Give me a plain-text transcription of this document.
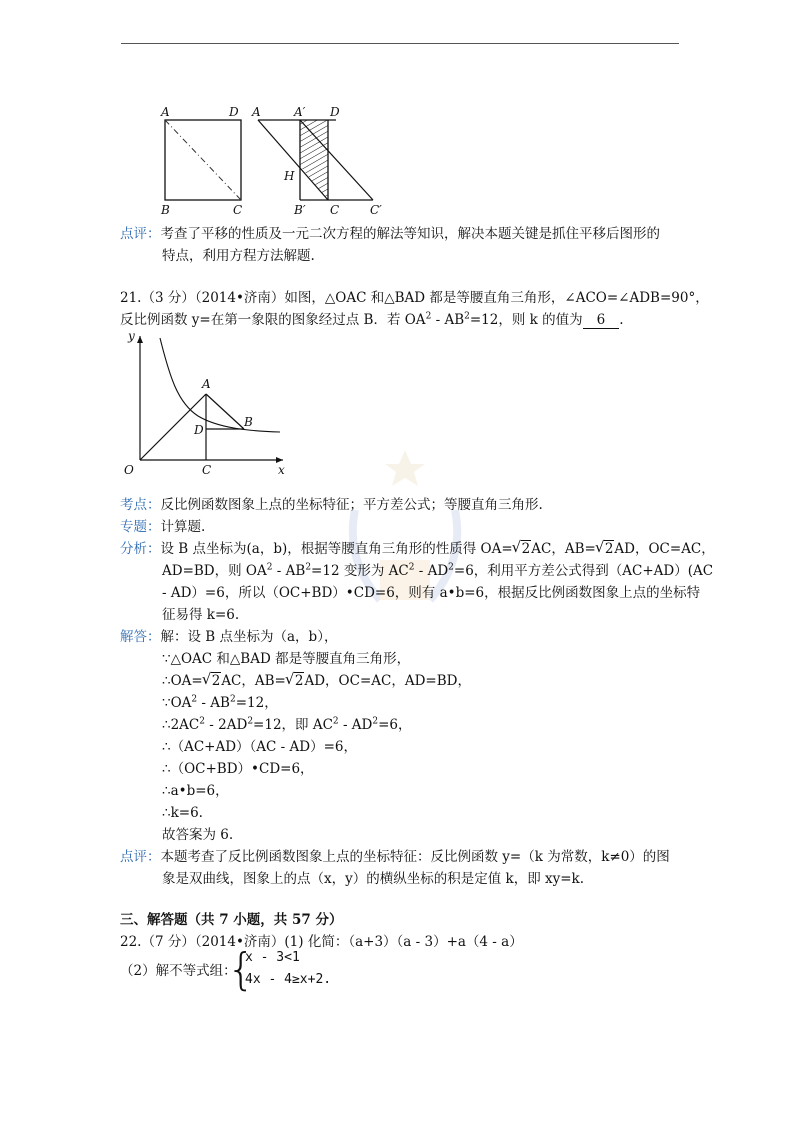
A	D
B	C
A	A′ D
H
B′ C	C′
点评：考查了平移的性质及一元二次方程的解法等知识，解决本题关键是抓住平移后图形的
特点，利用方程方法解题.
21.（3 分）（2014•济南）如图，△OAC 和△BAD 都是等腰直角三角形，∠ACO=∠ADB=90°，
反比例函数 y=在第一象限的图象经过点 B．若 $OA^2 - AB^2=12$，则 k 的值为 6 .
y
x
O
A
B
C
D
考点：反比例函数图象上点的坐标特征；平方差公式；等腰直角三角形.
专题：计算题.
分析：设 B 点坐标为(a，b)，根据等腰直角三角形的性质得 OA= √ 2AC，AB= √ 2AD，OC=AC，
AD=BD，则 $OA^2 - AB^2=12$ 变形为 $AC^2 - AD^2=6$，利用平方差公式得到（AC+AD）(AC
- AD）=6，所以（OC+BD）•CD=6，则有 a•b=6，根据反比例函数图象上点的坐标特
征易得 k=6.
解答：解：设 B 点坐标为（a，b），
∵△OAC 和△BAD 都是等腰直角三角形，
∴OA= √ 2AC，AB= √ 2AD，OC=AC，AD=BD，
$\because OA^2 - AB^2=12$，
$\therefore 2AC^2 - 2AD^2=12$，即 $AC^2 - AD^2=6$，
∴（AC+AD）（AC - AD）=6，
∴（OC+BD）•CD=6，
∴a•b=6，
∴k=6.
故答案为 6.
点评：本题考查了反比例函数图象上点的坐标特征：反比例函数 y=（k 为常数，k≠0）的图
象是双曲线，图象上的点（x，y）的横纵坐标的积是定值 k，即 xy=k.
三、解答题（共 7 小题，共 57 分）
22.（7 分）（2014•济南）(1) 化简：（a+3）（a - 3）+a（4 - a）
（2）解不等式组：
{
x - 3<1
4x - 4≥x+2.
